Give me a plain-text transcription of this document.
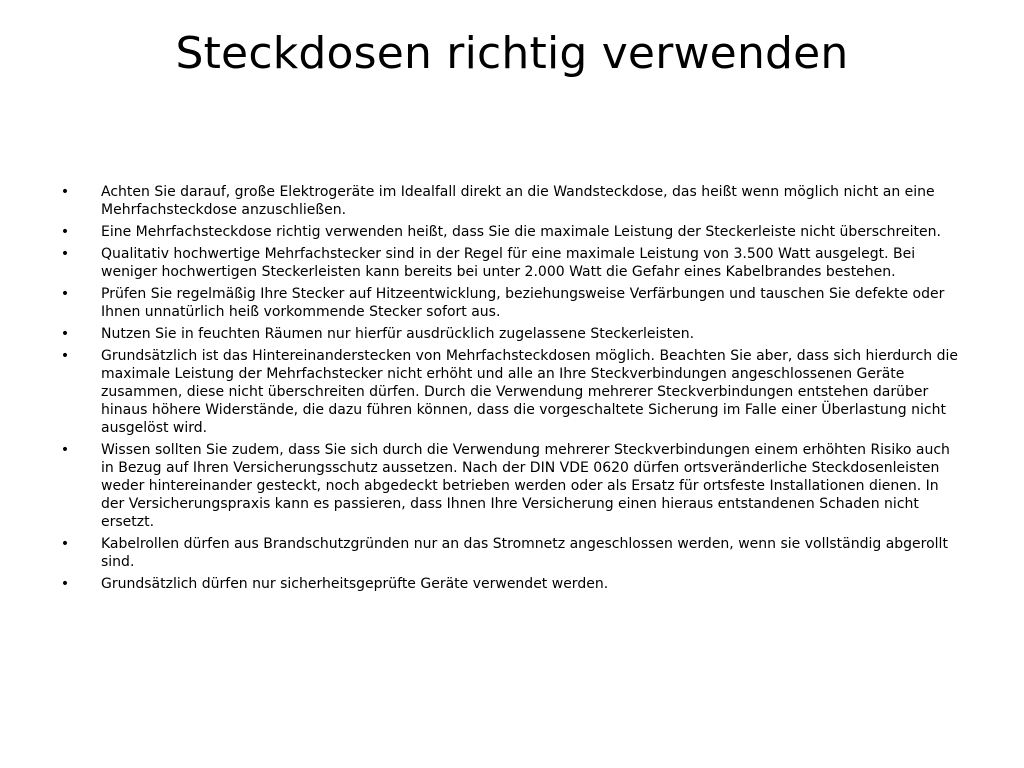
Steckdosen richtig verwenden
• Achten Sie darauf, große Elektrogeräte im Idealfall direkt an die Wandsteckdose, das heißt wenn möglich nicht an eine Mehrfachsteckdose anzuschließen.
• Eine Mehrfachsteckdose richtig verwenden heißt, dass Sie die maximale Leistung der Steckerleiste nicht überschreiten.
• Qualitativ hochwertige Mehrfachstecker sind in der Regel für eine maximale Leistung von 3.500 Watt ausgelegt. Bei weniger hochwertigen Steckerleisten kann bereits bei unter 2.000 Watt die Gefahr eines Kabelbrandes bestehen.
• Prüfen Sie regelmäßig Ihre Stecker auf Hitzeentwicklung, beziehungsweise Verfärbungen und tauschen Sie defekte oder Ihnen unnatürlich heiß vorkommende Stecker sofort aus.
• Nutzen Sie in feuchten Räumen nur hierfür ausdrücklich zugelassene Steckerleisten.
• Grundsätzlich ist das Hintereinanderstecken von Mehrfachsteckdosen möglich. Beachten Sie aber, dass sich hierdurch die maximale Leistung der Mehrfachstecker nicht erhöht und alle an Ihre Steckverbindungen angeschlossenen Geräte zusammen, diese nicht überschreiten dürfen. Durch die Verwendung mehrerer Steckverbindungen entstehen darüber hinaus höhere Widerstände, die dazu führen können, dass die vorgeschaltete Sicherung im Falle einer Überlastung nicht ausgelöst wird.
• Wissen sollten Sie zudem, dass Sie sich durch die Verwendung mehrerer Steckverbindungen einem erhöhten Risiko auch in Bezug auf Ihren Versicherungsschutz aussetzen. Nach der DIN VDE 0620 dürfen ortsveränderliche Steckdosenleisten weder hintereinander gesteckt, noch abgedeckt betrieben werden oder als Ersatz für ortsfeste Installationen dienen. In der Versicherungspraxis kann es passieren, dass Ihnen Ihre Versicherung einen hieraus entstandenen Schaden nicht ersetzt.
• Kabelrollen dürfen aus Brandschutzgründen nur an das Stromnetz angeschlossen werden, wenn sie vollständig abgerollt sind.
• Grundsätzlich dürfen nur sicherheitsgeprüfte Geräte verwendet werden.
